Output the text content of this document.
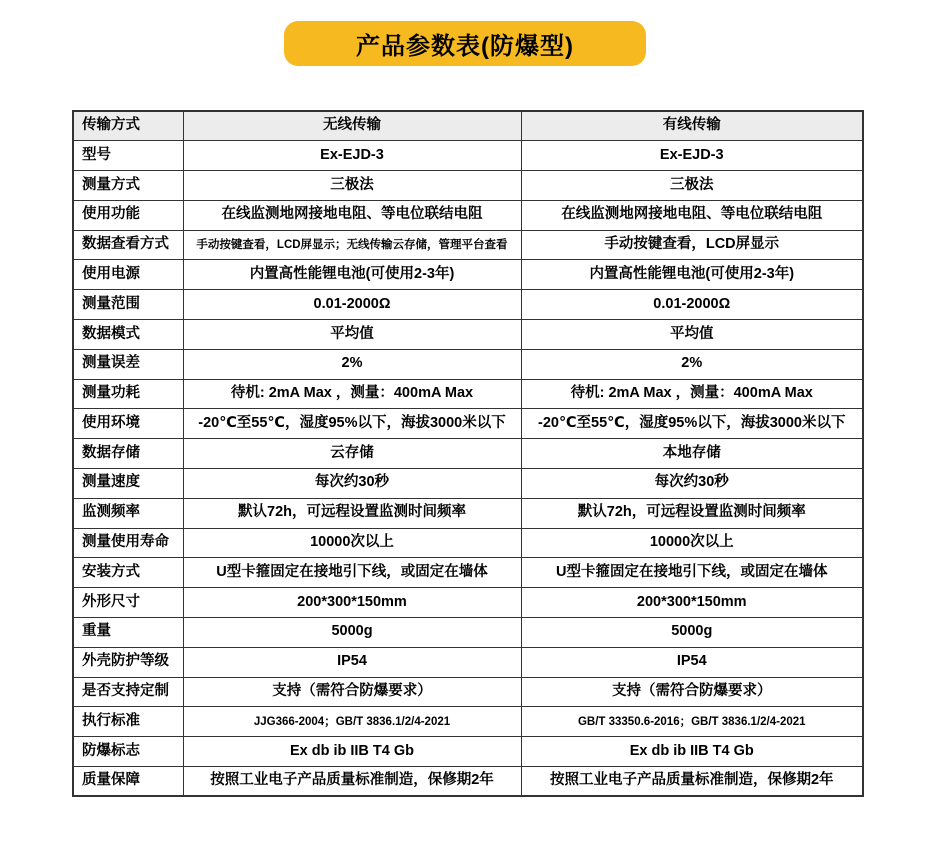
产品参数表(防爆型)
传输方式	无线传输	有线传输
型号	Ex-EJD-3	Ex-EJD-3
测量方式	三极法	三极法
使用功能	在线监测地网接地电阻、等电位联结电阻	在线监测地网接地电阻、等电位联结电阻
数据查看方式	手动按键查看，LCD屏显示；无线传输云存储，管理平台查看	手动按键查看，LCD屏显示
使用电源	内置高性能锂电池(可使用2-3年)	内置高性能锂电池(可使用2-3年)
测量范围	0.01-2000Ω	0.01-2000Ω
数据模式	平均值	平均值
测量误差	2%	2%
测量功耗	待机: 2mA Max ，测量：400mA Max	待机: 2mA Max ，测量：400mA Max
使用环境	-20℃至55℃，湿度95%以下，海拔3000米以下	-20℃至55℃，湿度95%以下，海拔3000米以下
数据存储	云存储	本地存储
测量速度	每次约30秒	每次约30秒
监测频率	默认72h，可远程设置监测时间频率	默认72h，可远程设置监测时间频率
测量使用寿命	10000次以上	10000次以上
安装方式	U型卡箍固定在接地引下线，或固定在墙体	U型卡箍固定在接地引下线，或固定在墙体
外形尺寸	200*300*150mm	200*300*150mm
重量	5000g	5000g
外壳防护等级	IP54	IP54
是否支持定制	支持（需符合防爆要求）	支持（需符合防爆要求）
执行标准	JJG366-2004；GB/T 3836.1/2/4-2021	GB/T 33350.6-2016；GB/T 3836.1/2/4-2021
防爆标志	Ex db ib IIB T4 Gb	Ex db ib IIB T4 Gb
质量保障	按照工业电子产品质量标准制造，保修期2年	按照工业电子产品质量标准制造，保修期2年
